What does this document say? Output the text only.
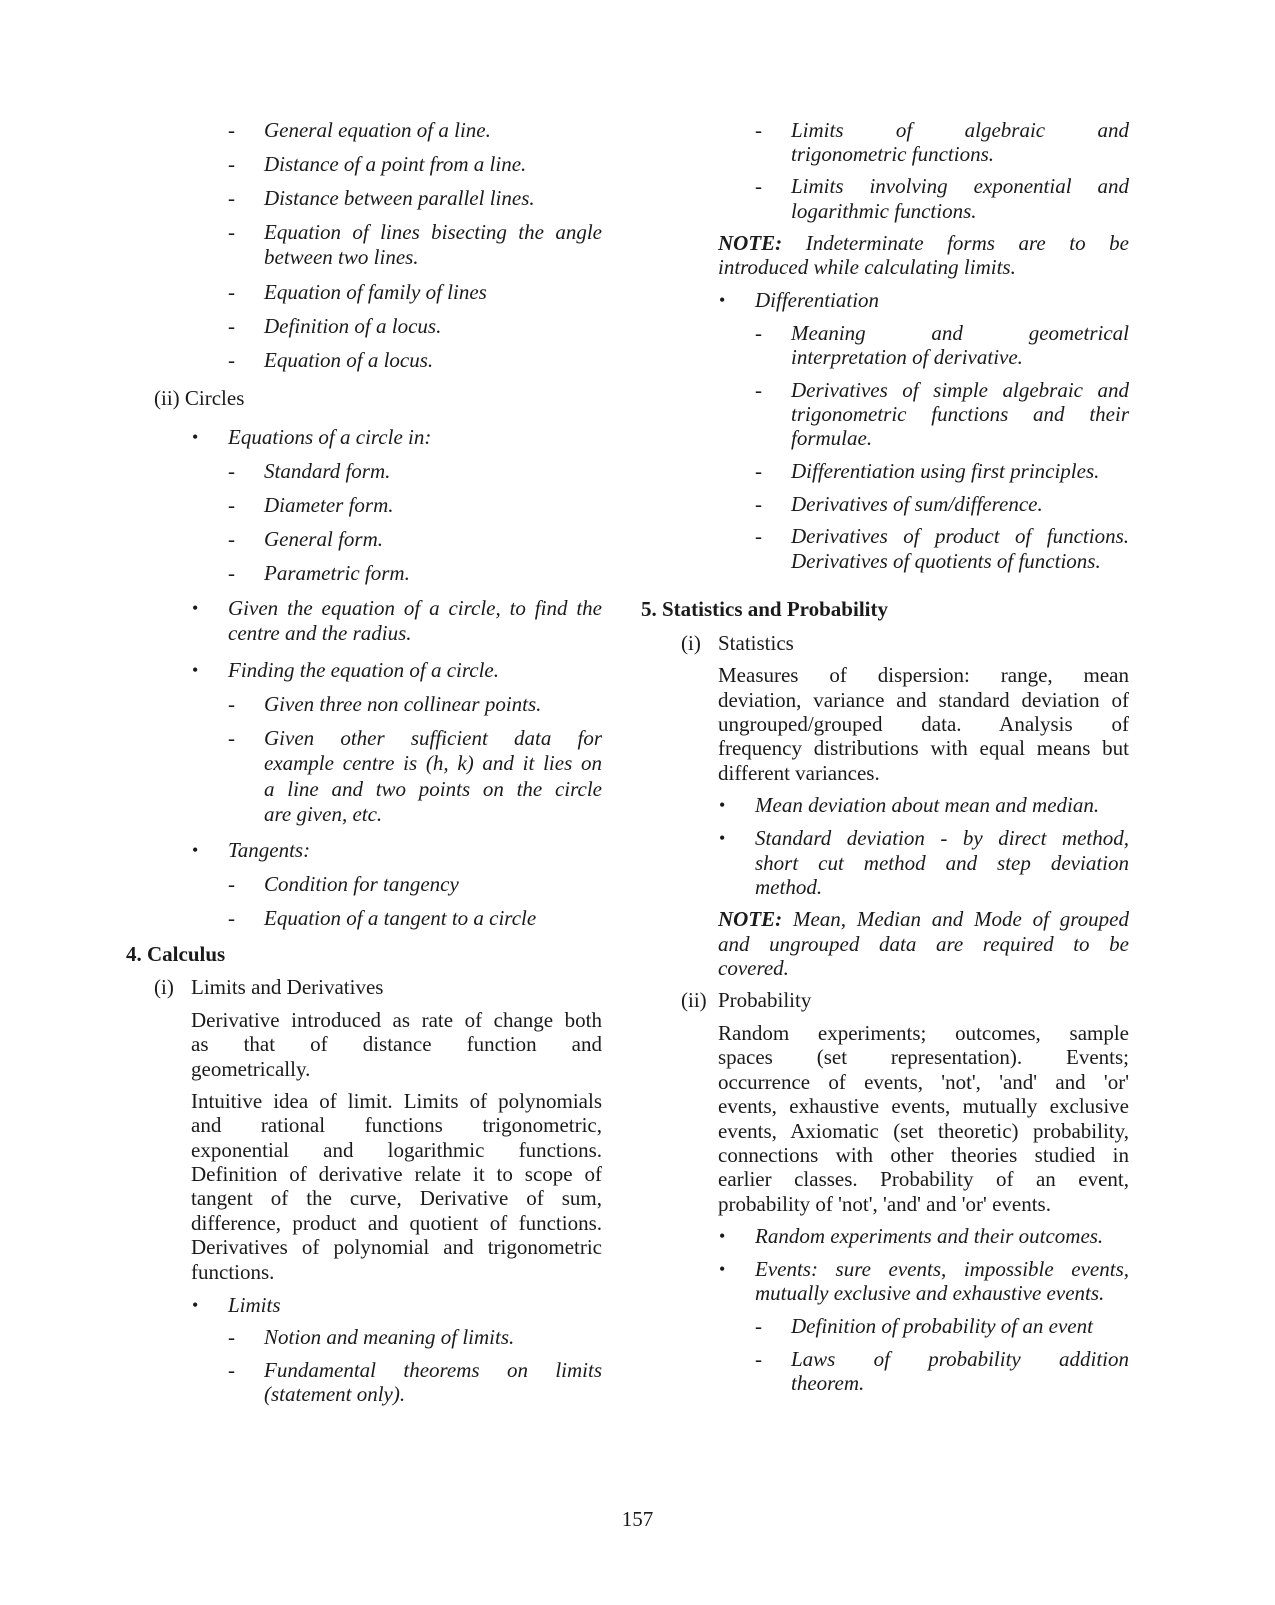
- General equation of a line.
- Distance of a point from a line.
- Distance between parallel lines.
- Equation of lines bisecting the angle
between two lines.
- Equation of family of lines
- Definition of a locus.
- Equation of a locus.
(ii) Circles
• Equations of a circle in:
- Standard form.
- Diameter form.
- General form.
- Parametric form.
• Given the equation of a circle, to find the
centre and the radius.
• Finding the equation of a circle.
- Given three non collinear points.
- Given other sufficient data for
example centre is (h, k) and it lies on
a line and two points on the circle
are given, etc.
• Tangents:
- Condition for tangency
- Equation of a tangent to a circle
4. Calculus
(i) Limits and Derivatives
Derivative introduced as rate of change both
as that of distance function and
geometrically.
Intuitive idea of limit. Limits of polynomials
and rational functions trigonometric,
exponential and logarithmic functions.
Definition of derivative relate it to scope of
tangent of the curve, Derivative of sum,
difference, product and quotient of functions.
Derivatives of polynomial and trigonometric
functions.
• Limits
- Notion and meaning of limits.
- Fundamental theorems on limits
(statement only).
- Limits of algebraic and
trigonometric functions.
- Limits involving exponential and
logarithmic functions.
NOTE: Indeterminate forms are to be
introduced while calculating limits.
• Differentiation
- Meaning and geometrical
interpretation of derivative.
- Derivatives of simple algebraic and
trigonometric functions and their
formulae.
- Differentiation using first principles.
- Derivatives of sum/difference.
- Derivatives of product of functions.
Derivatives of quotients of functions.
5. Statistics and Probability
(i) Statistics
Measures of dispersion: range, mean
deviation, variance and standard deviation of
ungrouped/grouped data. Analysis of
frequency distributions with equal means but
different variances.
• Mean deviation about mean and median.
• Standard deviation - by direct method,
short cut method and step deviation
method.
NOTE: Mean, Median and Mode of grouped
and ungrouped data are required to be
covered.
(ii) Probability
Random experiments; outcomes, sample
spaces (set representation). Events;
occurrence of events, 'not', 'and' and 'or'
events, exhaustive events, mutually exclusive
events, Axiomatic (set theoretic) probability,
connections with other theories studied in
earlier classes. Probability of an event,
probability of 'not', 'and' and 'or' events.
• Random experiments and their outcomes.
• Events: sure events, impossible events,
mutually exclusive and exhaustive events.
- Definition of probability of an event
- Laws of probability addition
theorem.
157
